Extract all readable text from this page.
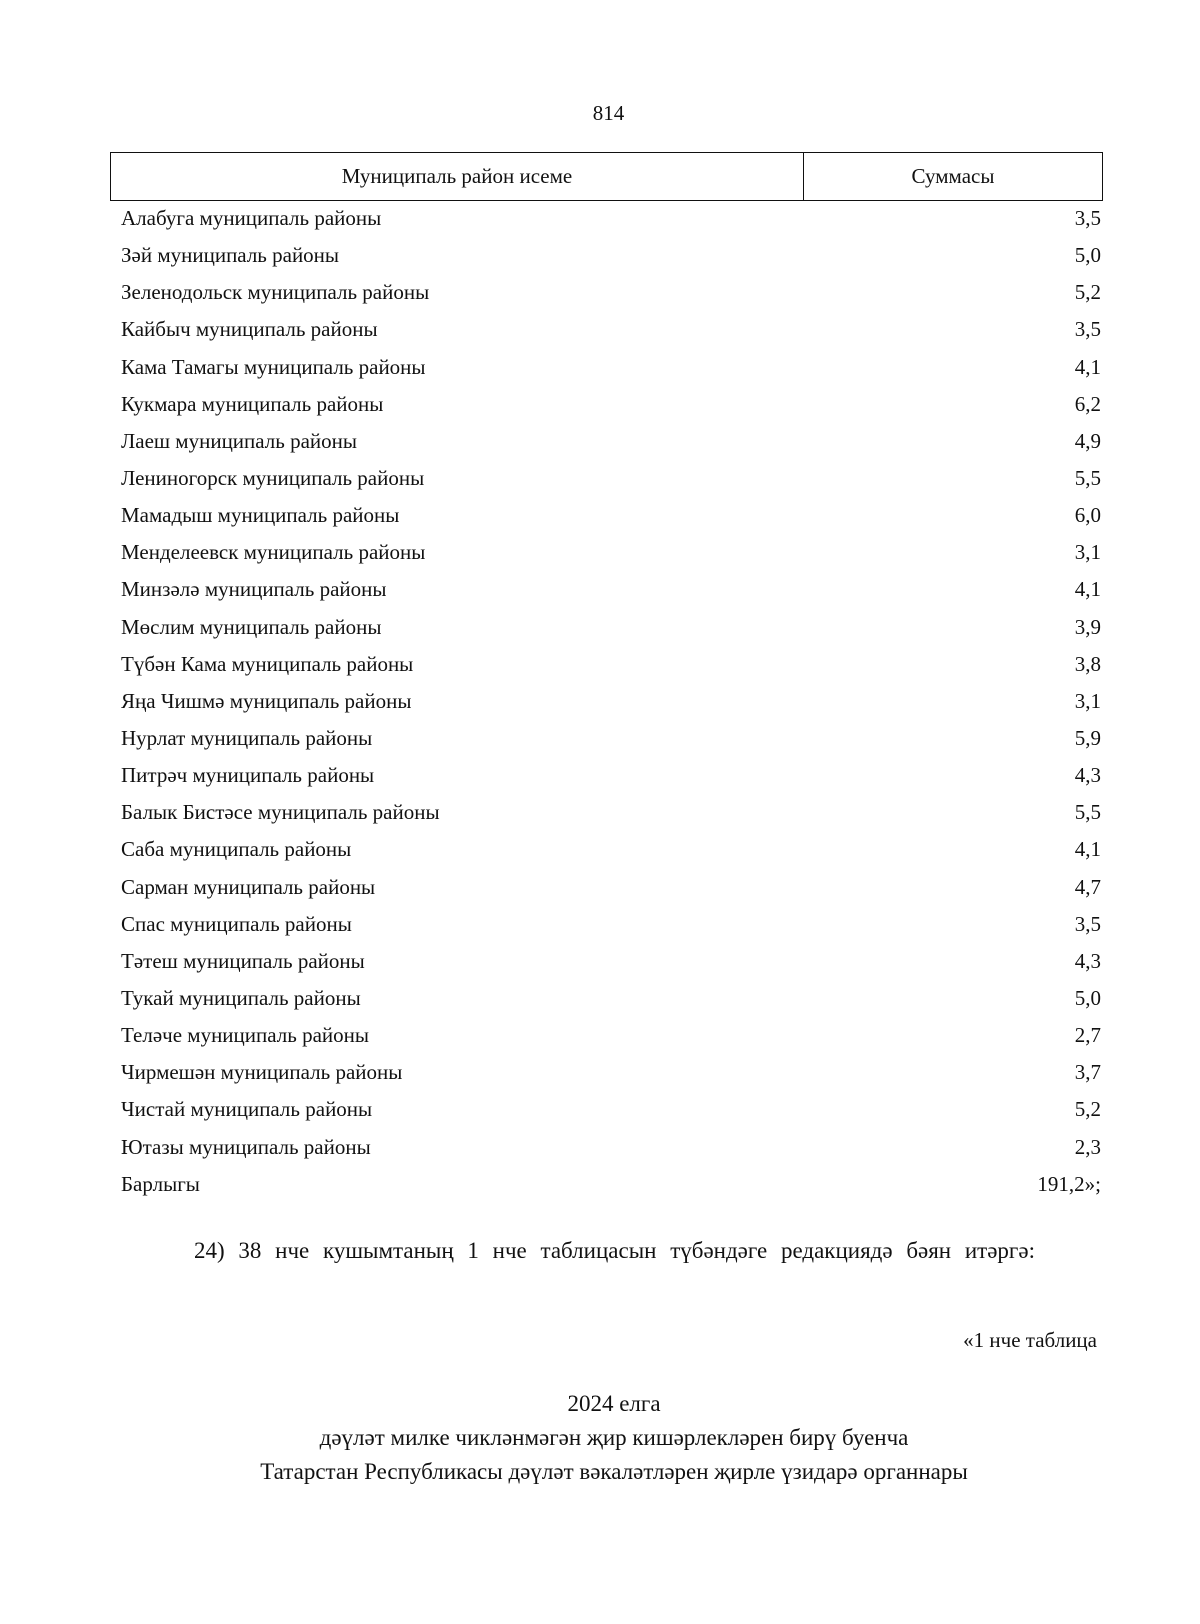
814
Муниципаль район исеме	Суммасы
Алабуга муниципаль районы	3,5
Зәй муниципаль районы	5,0
Зеленодольск муниципаль районы	5,2
Кайбыч муниципаль районы	3,5
Кама Тамагы муниципаль районы	4,1
Кукмара муниципаль районы	6,2
Лаеш муниципаль районы	4,9
Лениногорск муниципаль районы	5,5
Мамадыш муниципаль районы	6,0
Менделеевск муниципаль районы	3,1
Минзәлә муниципаль районы	4,1
Мөслим муниципаль районы	3,9
Түбән Кама муниципаль районы	3,8
Яңа Чишмә муниципаль районы	3,1
Нурлат муниципаль районы	5,9
Питрәч муниципаль районы	4,3
Балык Бистәсе муниципаль районы	5,5
Саба муниципаль районы	4,1
Сарман муниципаль районы	4,7
Спас муниципаль районы	3,5
Тәтеш муниципаль районы	4,3
Тукай муниципаль районы	5,0
Теләче муниципаль районы	2,7
Чирмешән муниципаль районы	3,7
Чистай муниципаль районы	5,2
Ютазы муниципаль районы	2,3
Барлыгы	191,2»;
24) 38 нче кушымтаның 1 нче таблицасын түбәндәге редакциядә бәян итәргә:
«1 нче таблица
2024 елга
дәүләт милке чикләнмәгән җир кишәрлекләрен бирү буенча
Татарстан Республикасы дәүләт вәкаләтләрен җирле үзидарә органнары
